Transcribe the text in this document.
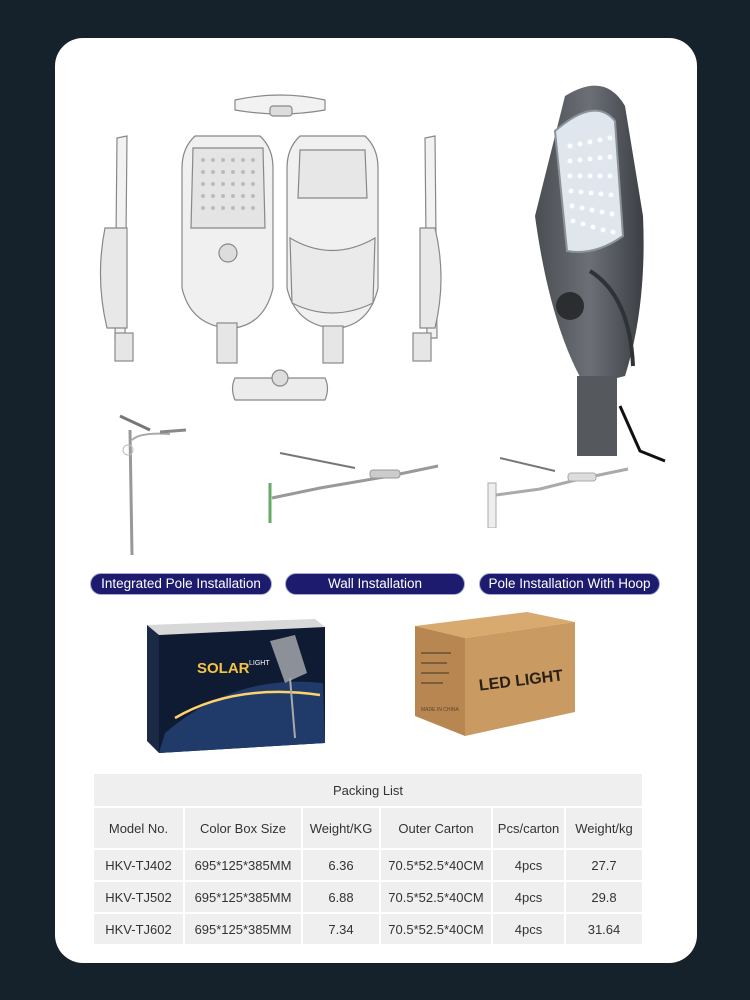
Integrated Pole Installation	Wall Installation	Pole Installation With Hoop
SOLAR LIGHT
MADE IN CHINA
LED LIGHT
Packing List					
Model No.	Color Box Size	Weight/KG	Outer Carton	Pcs/carton	Weight/kg
HKV-TJ402	695*125*385MM	6.36	70.5*52.5*40CM	4pcs	27.7
HKV-TJ502	695*125*385MM	6.88	70.5*52.5*40CM	4pcs	29.8
HKV-TJ602	695*125*385MM	7.34	70.5*52.5*40CM	4pcs	31.64
